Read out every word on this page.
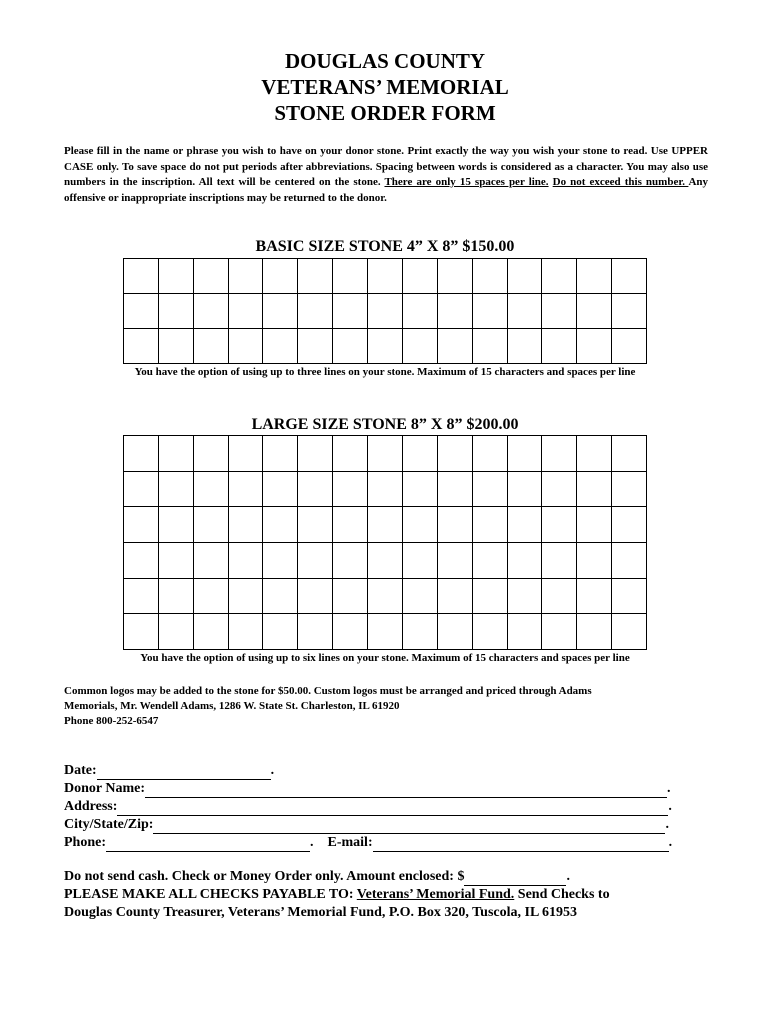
DOUGLAS COUNTY
VETERANS’ MEMORIAL
STONE ORDER FORM
Please fill in the name or phrase you wish to have on your donor stone. Print exactly the way you wish your stone to read. Use UPPER CASE only. To save space do not put periods after abbreviations. Spacing between words is considered as a character. You may also use numbers in the inscription. All text will be centered on the stone. There are only 15 spaces per line. Do not exceed this number. Any offensive or inappropriate inscriptions may be returned to the donor.
BASIC SIZE STONE 4” X 8” $150.00
You have the option of using up to three lines on your stone. Maximum of 15 characters and spaces per line
LARGE SIZE STONE 8” X 8” $200.00
You have the option of using up to six lines on your stone. Maximum of 15 characters and spaces per line
Common logos may be added to the stone for $50.00. Custom logos must be arranged and priced through Adams
Memorials, Mr. Wendell Adams, 1286 W. State St. Charleston, IL 61920
Phone 800-252-6547
Date:	.
Donor Name:	.
Address:	.
City/State/Zip:	.
Phone:	. E-mail:	.
Do not send cash. Check or Money Order only. Amount enclosed: $	.
PLEASE MAKE ALL CHECKS PAYABLE TO: Veterans’ Memorial Fund. Send Checks to
Douglas County Treasurer, Veterans’ Memorial Fund, P.O. Box 320, Tuscola, IL 61953
